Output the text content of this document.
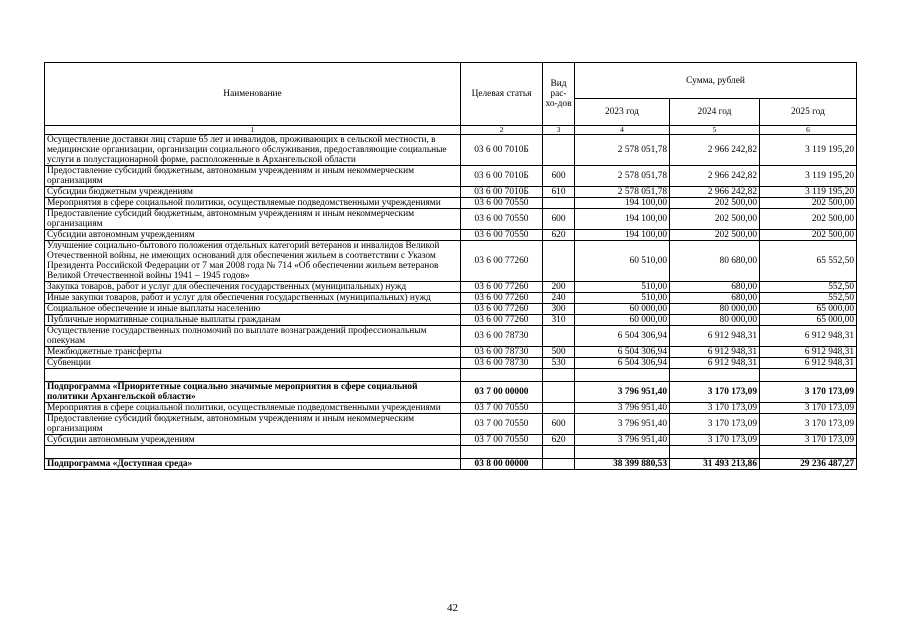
Наименование	Целевая статья	Вид рас-хо-дов	Сумма, рублей		
			2023 год	2024 год	2025 год
1	2	3	4	5	6
Осуществление доставки лиц старше 65 лет и инвалидов, проживающих в сельской местности, в медицинские организации, организации социального обслуживания, предоставляющие социальные услуги в полустационарной форме, расположенные в Архангельской области	03 6 00 7010Б		2 578 051,78	2 966 242,82	3 119 195,20
Предоставление субсидий бюджетным, автономным учреждениям и иным некоммерческим организациям	03 6 00 7010Б	600	2 578 051,78	2 966 242,82	3 119 195,20
Субсидии бюджетным учреждениям	03 6 00 7010Б	610	2 578 051,78	2 966 242,82	3 119 195,20
Мероприятия в сфере социальной политики, осуществляемые подведомственными учреждениями	03 6 00 70550		194 100,00	202 500,00	202 500,00
Предоставление субсидий бюджетным, автономным учреждениям и иным некоммерческим организациям	03 6 00 70550	600	194 100,00	202 500,00	202 500,00
Субсидии автономным учреждениям	03 6 00 70550	620	194 100,00	202 500,00	202 500,00
Улучшение социально-бытового положения отдельных категорий ветеранов и инвалидов Великой Отечественной войны, не имеющих оснований для обеспечения жильем в соответствии с Указом Президента Российской Федерации от 7 мая 2008 года № 714 «Об обеспечении жильем ветеранов Великой Отечественной войны 1941 – 1945 годов»	03 6 00 77260		60 510,00	80 680,00	65 552,50
Закупка товаров, работ и услуг для обеспечения государственных (муниципальных) нужд	03 6 00 77260	200	510,00	680,00	552,50
Иные закупки товаров, работ и услуг для обеспечения государственных (муниципальных) нужд	03 6 00 77260	240	510,00	680,00	552,50
Социальное обеспечение и иные выплаты населению	03 6 00 77260	300	60 000,00	80 000,00	65 000,00
Публичные нормативные социальные выплаты гражданам	03 6 00 77260	310	60 000,00	80 000,00	65 000,00
Осуществление государственных полномочий по выплате вознаграждений профессиональным опекунам	03 6 00 78730		6 504 306,94	6 912 948,31	6 912 948,31
Межбюджетные трансферты	03 6 00 78730	500	6 504 306,94	6 912 948,31	6 912 948,31
Субвенции	03 6 00 78730	530	6 504 306,94	6 912 948,31	6 912 948,31

Подпрограмма «Приоритетные социально значимые мероприятия в сфере социальной политики Архангельской области»	03 7 00 00000		3 796 951,40	3 170 173,09	3 170 173,09
Мероприятия в сфере социальной политики, осуществляемые подведомственными учреждениями	03 7 00 70550		3 796 951,40	3 170 173,09	3 170 173,09
Предоставление субсидий бюджетным, автономным учреждениям и иным некоммерческим организациям	03 7 00 70550	600	3 796 951,40	3 170 173,09	3 170 173,09
Субсидии автономным учреждениям	03 7 00 70550	620	3 796 951,40	3 170 173,09	3 170 173,09

Подпрограмма «Доступная среда»	03 8 00 00000		38 399 880,53	31 493 213,86	29 236 487,27
42
